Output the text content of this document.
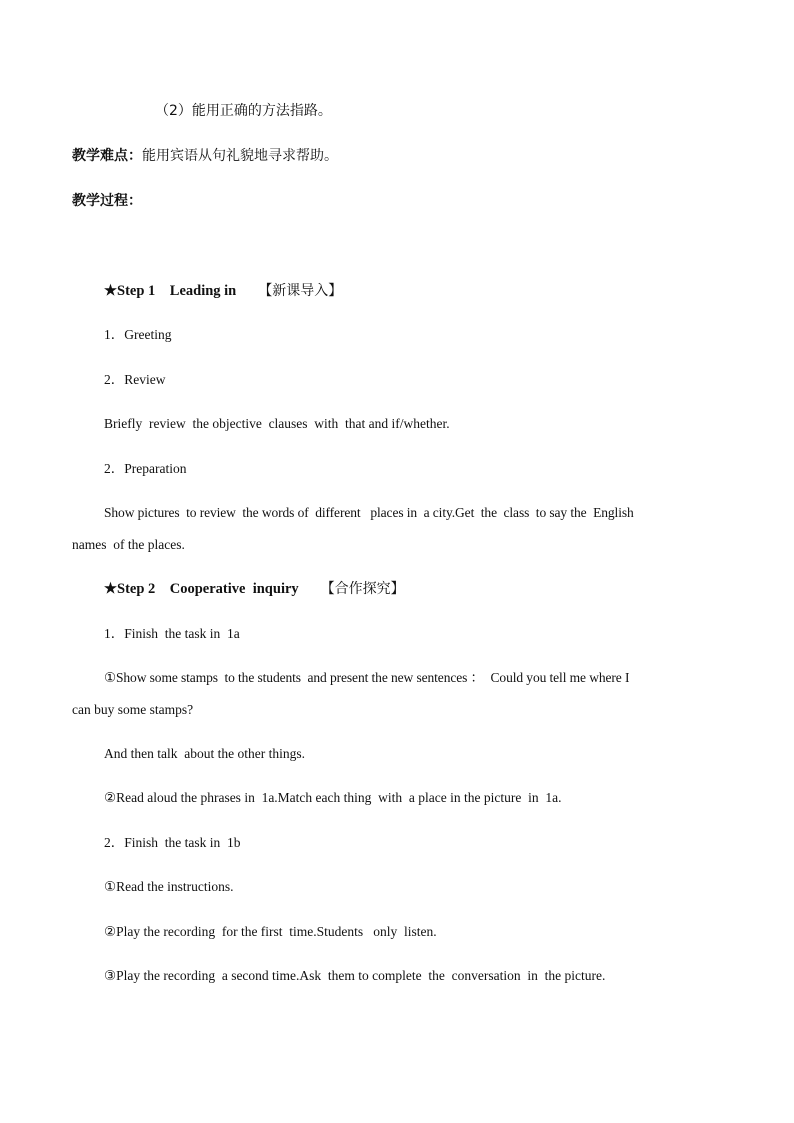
（2）能用正确的方法指路。
教学难点：能用宾语从句礼貌地寻求帮助。
教学过程：
★Step 1    Leading in 【新课导入】
1．Greeting
2．Review
Briefly  review  the objective  clauses  with  that and if/whether.
2．Preparation
Show pictures  to review  the words of  different   places in  a city.Get  the  class  to say the  English
names  of the places.
★Step 2    Cooperative  inquiry 【合作探究】
1．Finish  the task in  1a
①Show some stamps  to the students  and present the new sentences ：  Could you tell me where I
can buy some stamps?
And then talk  about the other things.
②Read aloud the phrases in  1a.Match each thing  with  a place in the picture  in  1a.
2．Finish  the task in  1b
①Read the instructions.
②Play the recording  for the first  time.Students   only  listen.
③Play the recording  a second time.Ask  them to complete  the  conversation  in  the picture.
